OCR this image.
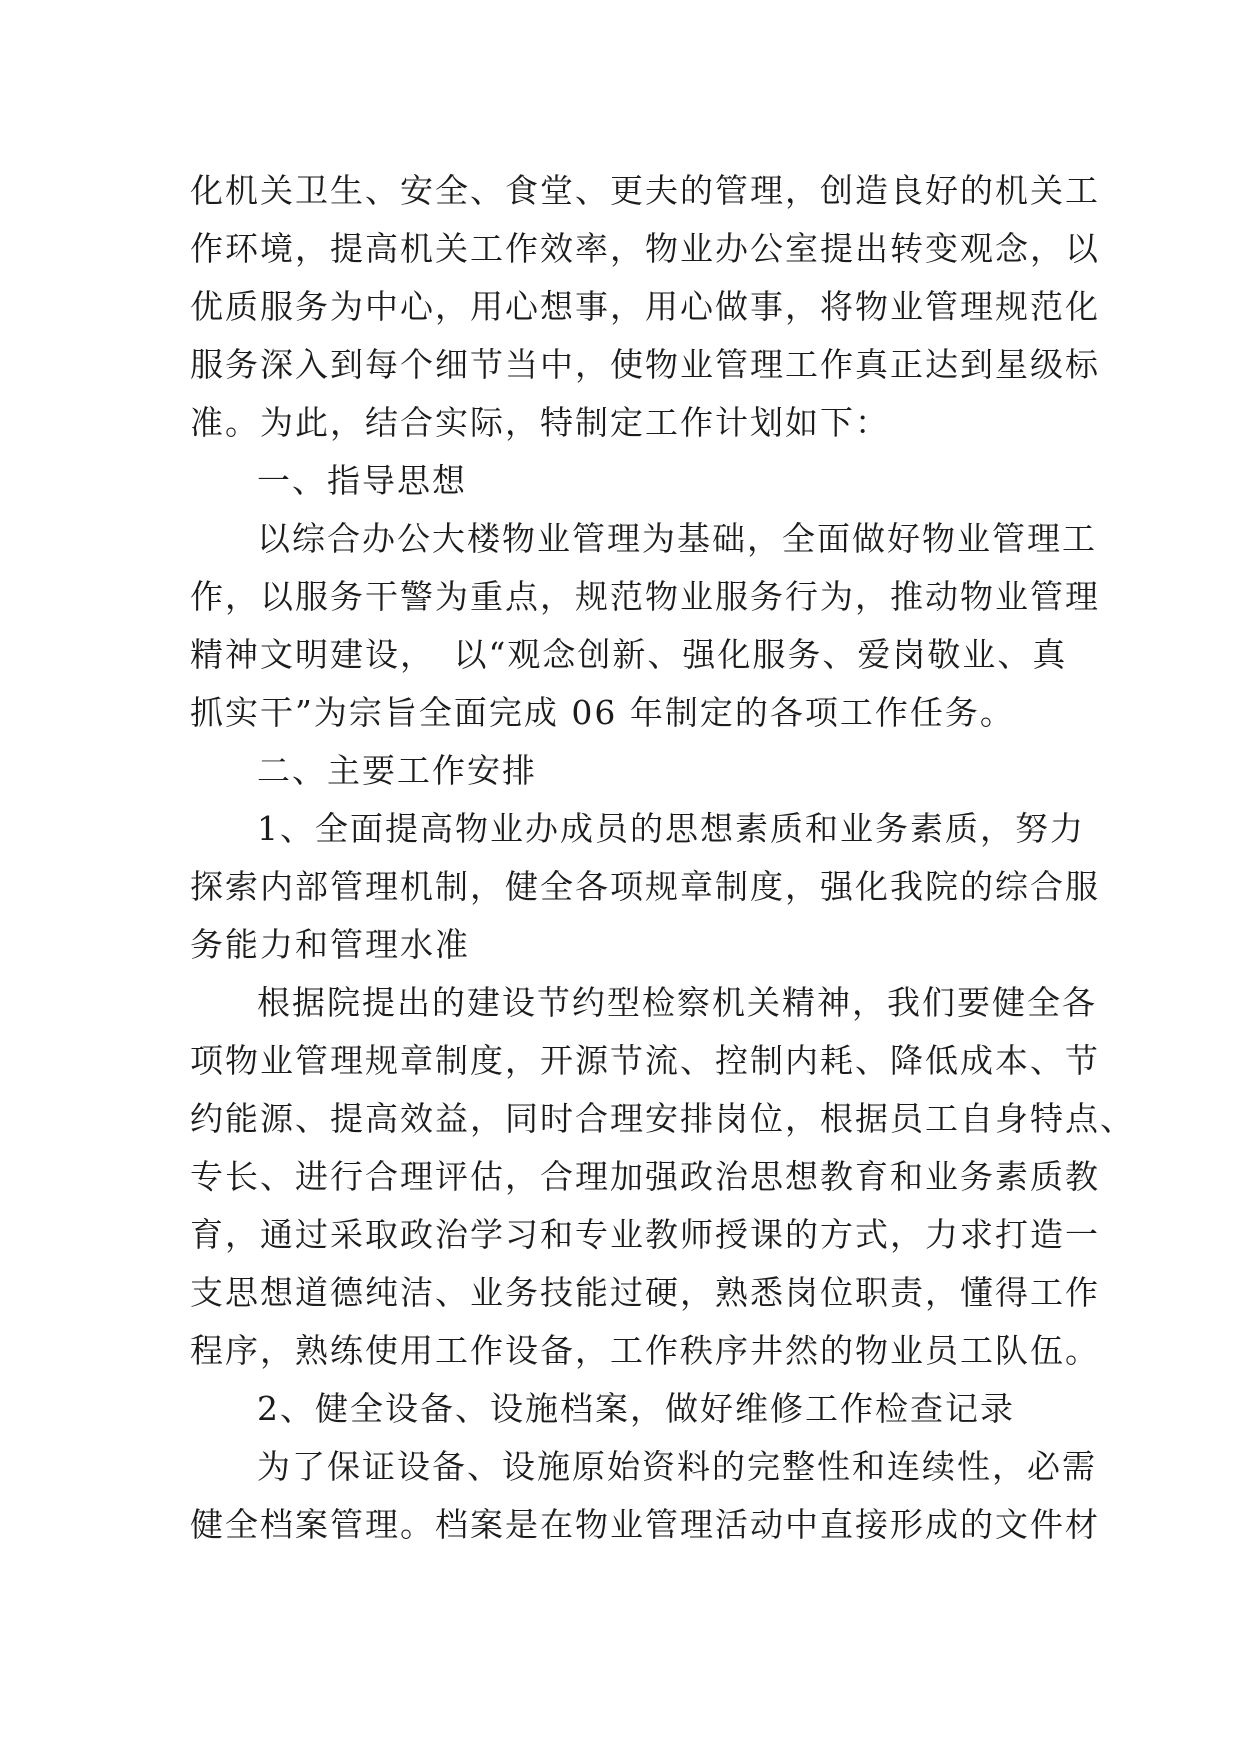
化机关卫生、安全、食堂、更夫的管理，创造良好的机关工
作环境，提高机关工作效率，物业办公室提出转变观念，以
优质服务为中心，用心想事，用心做事，将物业管理规范化
服务深入到每个细节当中，使物业管理工作真正达到星级标
准。为此，结合实际，特制定工作计划如下：
一、指导思想
以综合办公大楼物业管理为基础，全面做好物业管理工
作，以服务干警为重点，规范物业服务行为，推动物业管理
精神文明建设，　以“观念创新、强化服务、爱岗敬业、真
抓实干”为宗旨全面完成 06 年制定的各项工作任务。
二、主要工作安排
1、全面提高物业办成员的思想素质和业务素质，努力
探索内部管理机制，健全各项规章制度，强化我院的综合服
务能力和管理水准
根据院提出的建设节约型检察机关精神，我们要健全各
项物业管理规章制度，开源节流、控制内耗、降低成本、节
约能源、提高效益，同时合理安排岗位，根据员工自身特点、
专长、进行合理评估，合理加强政治思想教育和业务素质教
育，通过采取政治学习和专业教师授课的方式，力求打造一
支思想道德纯洁、业务技能过硬，熟悉岗位职责，懂得工作
程序，熟练使用工作设备，工作秩序井然的物业员工队伍。
2、健全设备、设施档案，做好维修工作检查记录
为了保证设备、设施原始资料的完整性和连续性，必需
健全档案管理。档案是在物业管理活动中直接形成的文件材
